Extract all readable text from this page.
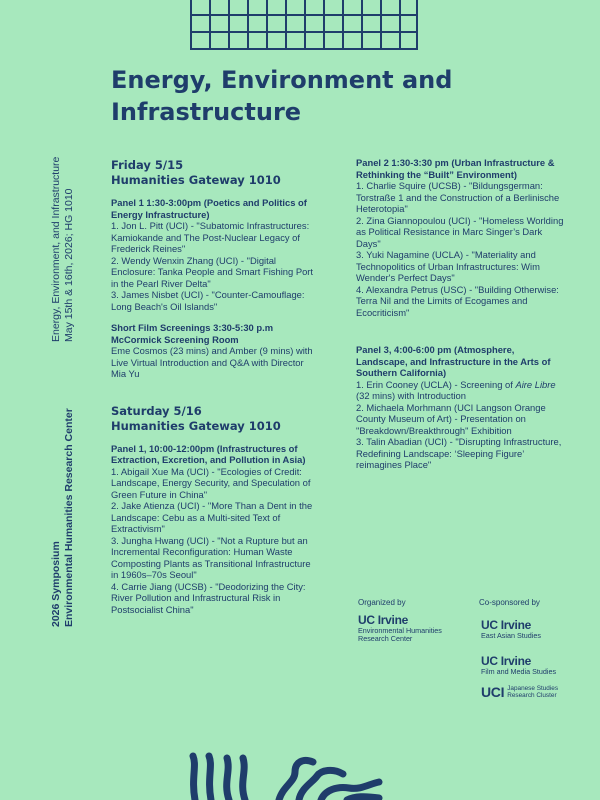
Energy, Environment and
Infrastructure
Energy, Environment, and Infrastructure May 15th & 16th, 2026; HG 1010
2026 Symposium Environmental Humanities Research Center
Friday 5/15
Humanities Gateway 1010

Panel 1 1:30-3:00pm (Poetics and Politics of Energy Infrastructure)

1. Jon L. Pitt (UCI) - "Subatomic Infrastructures: Kamiokande and The Post-Nuclear Legacy of Frederick Reines"

2. Wendy Wenxin Zhang (UCI) - "Digital Enclosure: Tanka People and Smart Fishing Port in the Pearl River Delta"

3. James Nisbet (UCI) - "Counter-Camouflage: Long Beach's Oil Islands"

Short Film Screenings 3:30-5:30 p.m

McCormick Screening Room

Eme Cosmos (23 mins) and Amber (9 mins) with Live Virtual Introduction and Q&A with Director Mia Yu

Saturday 5/16
Humanities Gateway 1010

Panel 1, 10:00-12:00pm (Infrastructures of Extraction, Excretion, and Pollution in Asia)

1. Abigail Xue Ma (UCI) - "Ecologies of Credit: Landscape, Energy Security, and Speculation of Green Future in China"

2. Jake Atienza (UCI) - "More Than a Dent in the Landscape: Cebu as a Multi-sited Text of Extractivism"

3. Jungha Hwang (UCI) - "Not a Rupture but an Incremental Reconfiguration: Human Waste Composting Plants as Transitional Infrastructure in 1960s–70s Seoul"

4. Carrie Jiang (UCSB) - "Deodorizing the City: River Pollution and Infrastructural Risk in Postsocialist China"

Panel 2 1:30-3:30 pm (Urban Infrastructure & Rethinking the “Built” Environment)

1. Charlie Squire (UCSB) - "Bildungsgerman: Torstraße 1 and the Construction of a Berlinische Heterotopia"

2. Zina Giannopoulou (UCI) - "Homeless Worlding as Political Resistance in Marc Singer’s Dark Days"

3. Yuki Nagamine (UCLA) - "Materiality and Technopolitics of Urban Infrastructures: Wim Wender's Perfect Days"

4. Alexandra Petrus (USC) - "Building Otherwise: Terra Nil and the Limits of Ecogames and Ecocriticism"

Panel 3, 4:00-6:00 pm (Atmosphere, Landscape, and Infrastructure in the Arts of Southern California)

1. Erin Cooney (UCLA) - Screening of Aire Libre (32 mins) with Introduction

2. Michaela Morhmann (UCI Langson Orange County Museum of Art) - Presentation on "Breakdown/Breakthrough" Exhibition

3. Talin Abadian (UCI) - "Disrupting Infrastructure, Redefining Landscape: ‘Sleeping Figure’ reimagines Place"

Organized by	Co-sponsored by
UC Irvine
Environmental Humanities Research Center
UC Irvine
East Asian Studies
UC Irvine
Film and Media Studies
UCI Japanese Studies Research Cluster
